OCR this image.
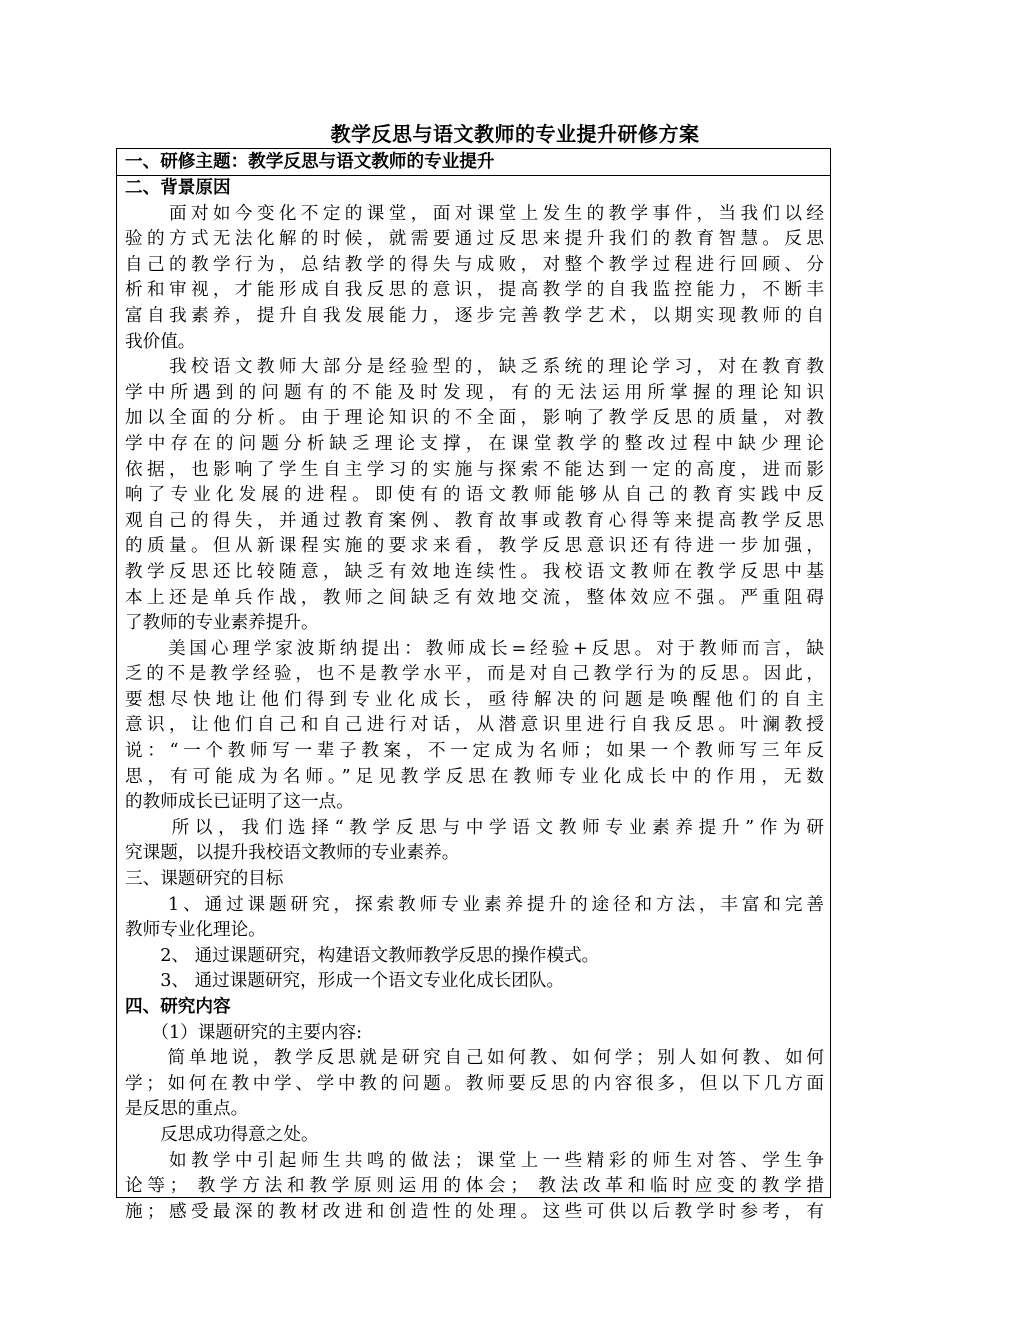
教学反思与语文教师的专业提升研修方案
一、研修主题：教学反思与语文教师的专业提升
二、背景原因
　　面对如今变化不定的课堂，面对课堂上发生的教学事件，当我们以经
验的方式无法化解的时候，就需要通过反思来提升我们的教育智慧。反思
自己的教学行为，总结教学的得失与成败，对整个教学过程进行回顾、分
析和审视，才能形成自我反思的意识，提高教学的自我监控能力，不断丰
富自我素养，提升自我发展能力，逐步完善教学艺术，以期实现教师的自
我价值。
　　我校语文教师大部分是经验型的，缺乏系统的理论学习，对在教育教
学中所遇到的问题有的不能及时发现，有的无法运用所掌握的理论知识
加以全面的分析。由于理论知识的不全面，影响了教学反思的质量，对教
学中存在的问题分析缺乏理论支撑，在课堂教学的整改过程中缺少理论
依据，也影响了学生自主学习的实施与探索不能达到一定的高度，进而影
响了专业化发展的进程。即使有的语文教师能够从自己的教育实践中反
观自己的得失，并通过教育案例、教育故事或教育心得等来提高教学反思
的质量。但从新课程实施的要求来看，教学反思意识还有待进一步加强，
教学反思还比较随意，缺乏有效地连续性。我校语文教师在教学反思中基
本上还是单兵作战，教师之间缺乏有效地交流，整体效应不强。严重阻碍
了教师的专业素养提升。
　　美国心理学家波斯纳提出：教师成长=经验+反思。对于教师而言，缺
乏的不是教学经验，也不是教学水平，而是对自己教学行为的反思。因此，
要想尽快地让他们得到专业化成长，亟待解决的问题是唤醒他们的自主
意识，让他们自己和自己进行对话，从潜意识里进行自我反思。叶澜教授
说：“一个教师写一辈子教案，不一定成为名师；如果一个教师写三年反
思，有可能成为名师。”足见教学反思在教师专业化成长中的作用，无数
的教师成长已证明了这一点。
　　所以，我们选择“教学反思与中学语文教师专业素养提升”作为研
究课题，以提升我校语文教师的专业素养。
三、课题研究的目标
　　1、通过课题研究，探索教师专业素养提升的途径和方法，丰富和完善
教师专业化理论。
　　2、 通过课题研究，构建语文教师教学反思的操作模式。
　　3、 通过课题研究，形成一个语文专业化成长团队。
四、研究内容
　　（1）课题研究的主要内容:
　　简单地说，教学反思就是研究自己如何教、如何学；别人如何教、如何
学；如何在教中学、学中教的问题。教师要反思的内容很多，但以下几方面
是反思的重点。
　　反思成功得意之处。
　　如教学中引起师生共鸣的做法；课堂上一些精彩的师生对答、学生争
论等； 教学方法和教学原则运用的体会； 教法改革和临时应变的教学措
施；感受最深的教材改进和创造性的处理。这些可供以后教学时参考，有
